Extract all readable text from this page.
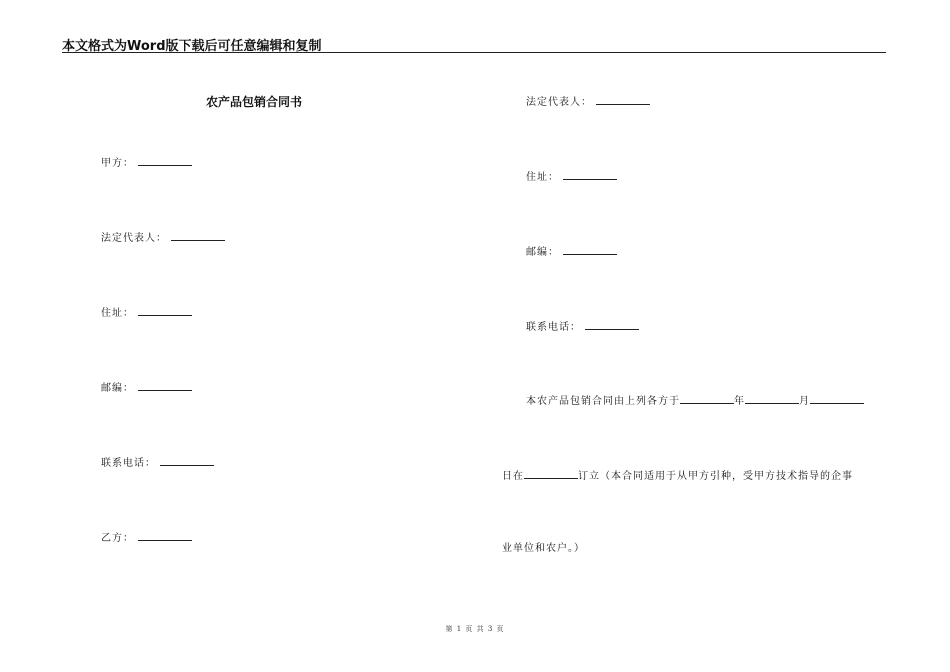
本文格式为Word版下载后可任意编辑和复制
农产品包销合同书
甲方：
法定代表人：
住址：
邮编：
联系电话：
乙方：
法定代表人：
住址：
邮编：
联系电话：
本农产品包销合同由上列各方于	年	月
日在	订立（本合同适用于从甲方引种，受甲方技术指导的企事
业单位和农户。）
第 1 页 共 3 页
